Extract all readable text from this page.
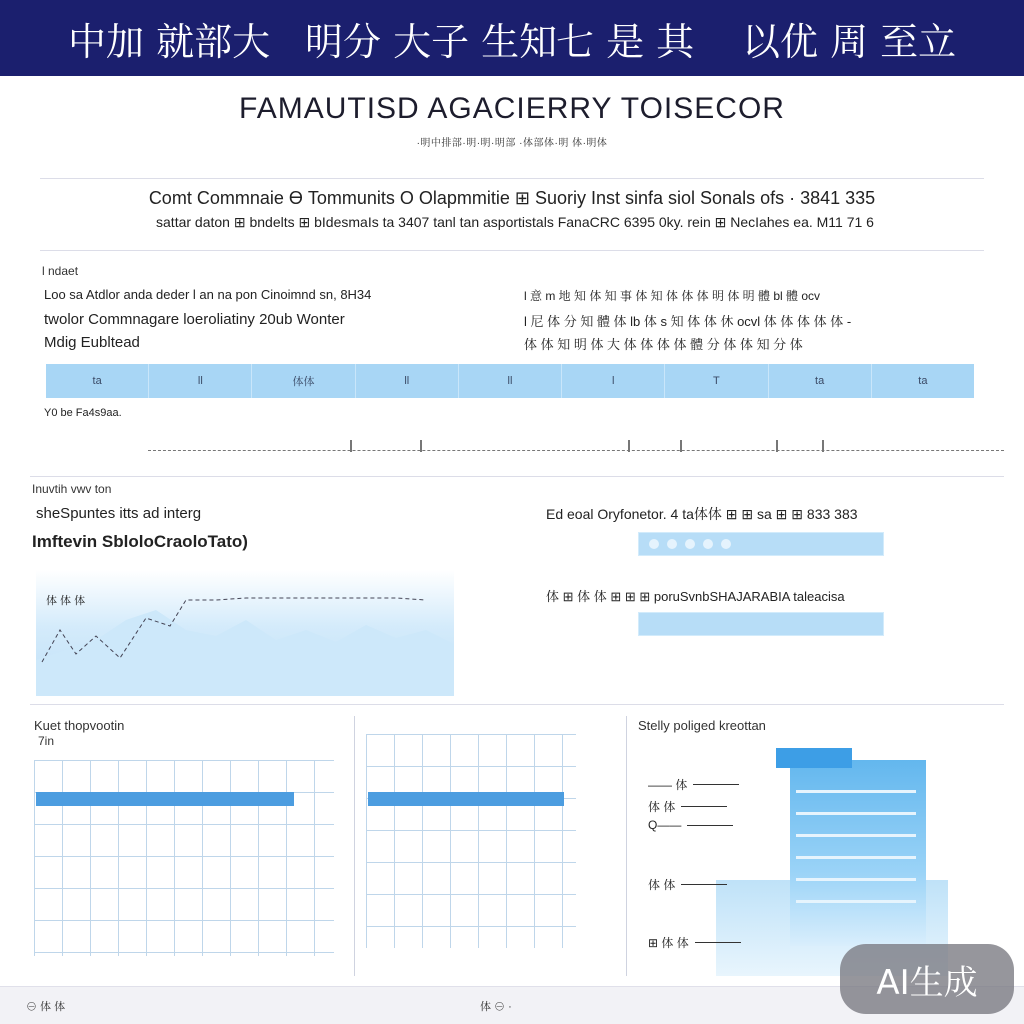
中加 就部大 明分 大子 生知
七 是 其 以优 周 至立
FAMAUTISD AGACIERRY TOISECOR
·明中排部·明·明·明部 ·体部体·明 体·明体
Comt Commnaie Ө Tommunits O Olapmmitie ⊞ Suoriy Inst sinfa siol Sonals ofs · 3841 335
sattar daton ⊞ bndelts ⊞ bIdesmaIs ta 3407 tanl tan asportistals FanaCRC 6395 0ky. rein ⊞ NecIahes ea. M11 71 6
l ndaet
Loo sa Atdlor anda deder l an na pon Cinoimnd sn, 8H34
twolor Commnagare loeroliatiny 20ub Wonter
Mdig Eubltead
l 意 m 地 知 体 知 事 体 知 体 体 体 明 体 明 體 bl 體 ocv
l 尼 体 分 知 體 体 lb 体 s 知 体 体 休 ocvl 体 体 体 体 体 -
体 体 知 明 体 大 体 体 体 体 體 分 体 体 知 分 体
ta	ll	体体	ll	ll	l	T	ta	ta
Y0 be Fa4s9aa.
Inuvtih vwv ton
sheSpuntes itts ad interg
Imftevin SbloloCraoloTato)
体 体 体
Ed eoal Oryfonetor. 4 ta体体 ⊞ ⊞ sa ⊞ ⊞ 833 383
体 ⊞ 体 体 ⊞ ⊞ ⊞ poruSvnbSHAJARABIA taleacisa
Kuet thopvootin
7in
Stelly poliged kreottan
—— 体
体 体
Q——
体 体
⊞ 体 体
⊖ 体 体	体 ⊖ ·
AI生成
